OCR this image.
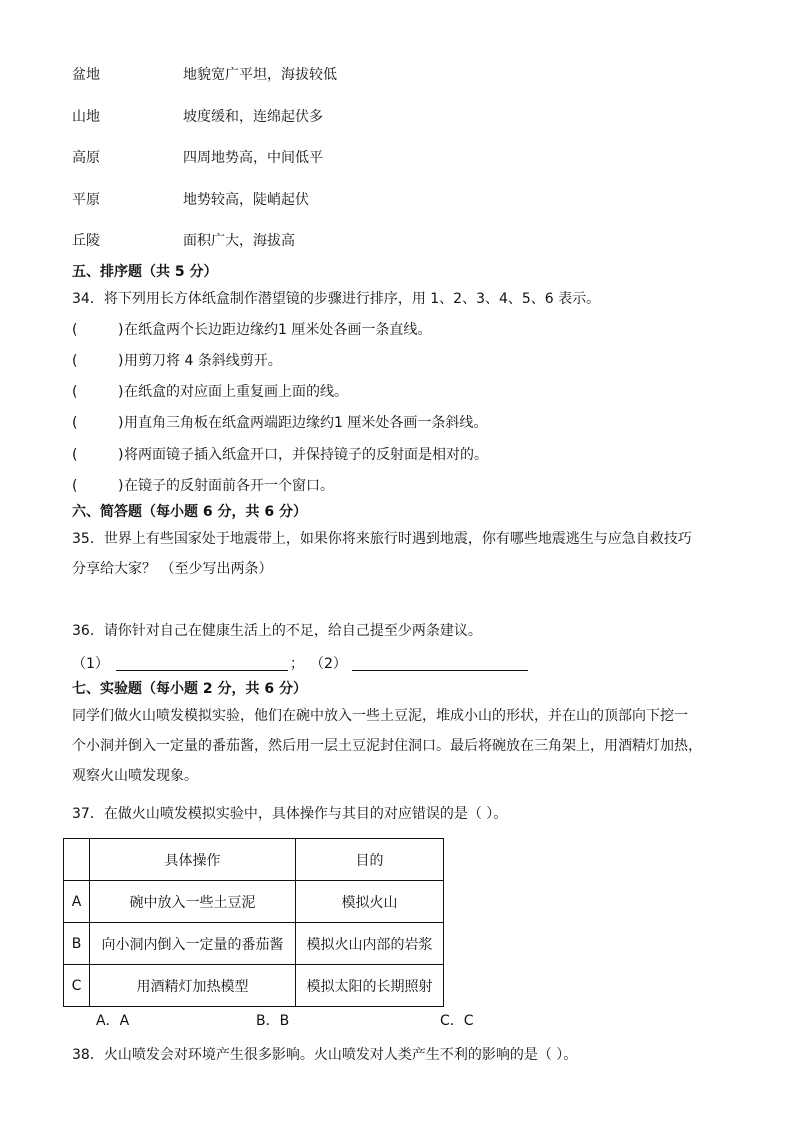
盆地	地貌宽广平坦，海拔较低
山地	坡度缓和，连绵起伏多
高原	四周地势高，中间低平
平原	地势较高，陡峭起伏
丘陵	面积广大，海拔高
五、排序题（共 5 分）
34．将下列用长方体纸盒制作潜望镜的步骤进行排序，用 1、2、3、4、5、6 表示。
(	) 在纸盒两个长边距边缘约1 厘米处各画一条直线。
(	) 用剪刀将 4 条斜线剪开。
(	) 在纸盒的对应面上重复画上面的线。
(	) 用直角三角板在纸盒两端距边缘约1 厘米处各画一条斜线。
(	) 将两面镜子插入纸盒开口，并保持镜子的反射面是相对的。
(	) 在镜子的反射面前各开一个窗口。
六、简答题（每小题 6 分，共 6 分）
35．世界上有些国家处于地震带上，如果你将来旅行时遇到地震，你有哪些地震逃生与应急自救技巧
分享给大家？ （至少写出两条）
36．请你针对自己在健康生活上的不足，给自己提至少两条建议。
（1）	； （2）
七、实验题（每小题 2 分，共 6 分）
同学们做火山喷发模拟实验，他们在碗中放入一些土豆泥，堆成小山的形状，并在山的顶部向下挖一
个小洞并倒入一定量的番茄酱，然后用一层土豆泥封住洞口。最后将碗放在三角架上，用酒精灯加热，
观察火山喷发现象。
37．在做火山喷发模拟实验中，具体操作与其目的对应错误的是（ ）。
	具体操作	目的
A	碗中放入一些土豆泥	模拟火山
B	向小洞内倒入一定量的番茄酱	模拟火山内部的岩浆
C	用酒精灯加热模型	模拟太阳的长期照射
A．A	B．B	C．C
38．火山喷发会对环境产生很多影响。火山喷发对人类产生不利的影响的是（ ）。
